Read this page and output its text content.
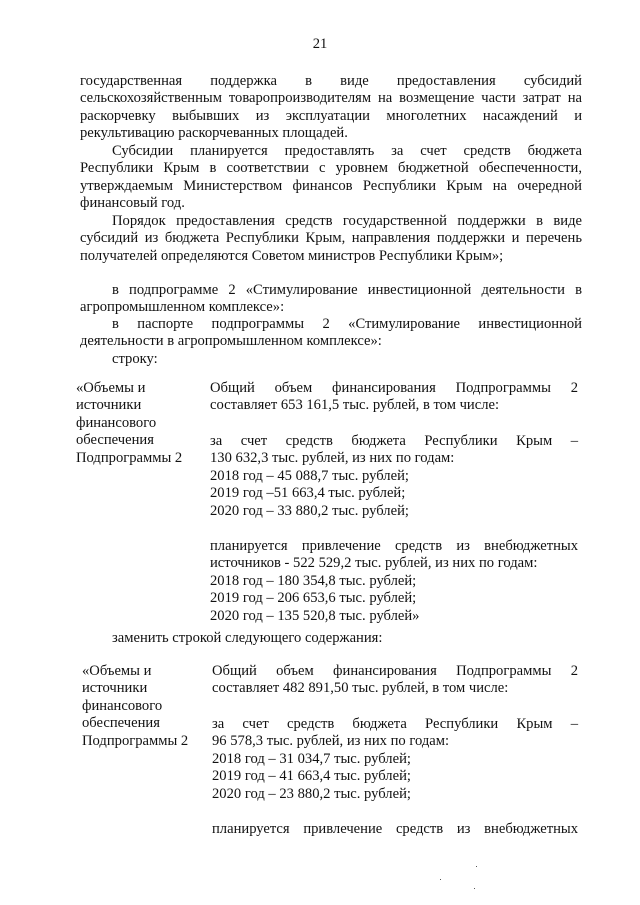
21
государственная поддержка в виде предоставления субсидий
сельскохозяйственным товаропроизводителям на возмещение части затрат на
раскорчевку выбывших из эксплуатации многолетних насаждений и
рекультивацию раскорчеванных площадей.
Субсидии планируется предоставлять за счет средств бюджета
Республики Крым в соответствии с уровнем бюджетной обеспеченности,
утверждаемым Министерством финансов Республики Крым на очередной
финансовый год.
Порядок предоставления средств государственной поддержки в виде
субсидий из бюджета Республики Крым, направления поддержки и перечень
получателей определяются Советом министров Республики Крым»;
в подпрограмме 2 «Стимулирование инвестиционной деятельности в
агропромышленном комплексе»:
в паспорте подпрограммы 2 «Стимулирование инвестиционной
деятельности в агропромышленном комплексе»:
строку:
«Объемы и
источники
финансового
обеспечения
Подпрограммы 2
Общий объем финансирования Подпрограммы 2
составляет 653 161,5 тыс. рублей, в том числе:
за счет средств бюджета Республики Крым –
130 632,3 тыс. рублей, из них по годам:
2018 год – 45 088,7 тыс. рублей;
2019 год –51 663,4 тыс. рублей;
2020 год – 33 880,2 тыс. рублей;
планируется привлечение средств из внебюджетных
источников - 522 529,2 тыс. рублей, из них по годам:
2018 год – 180 354,8 тыс. рублей;
2019 год – 206 653,6 тыс. рублей;
2020 год – 135 520,8 тыс. рублей»
заменить строкой следующего содержания:
«Объемы и
источники
финансового
обеспечения
Подпрограммы 2
Общий объем финансирования Подпрограммы 2
составляет 482 891,50 тыс. рублей, в том числе:
за счет средств бюджета Республики Крым –
96 578,3 тыс. рублей, из них по годам:
2018 год – 31 034,7 тыс. рублей;
2019 год – 41 663,4 тыс. рублей;
2020 год – 23 880,2 тыс. рублей;
планируется привлечение средств из внебюджетных
